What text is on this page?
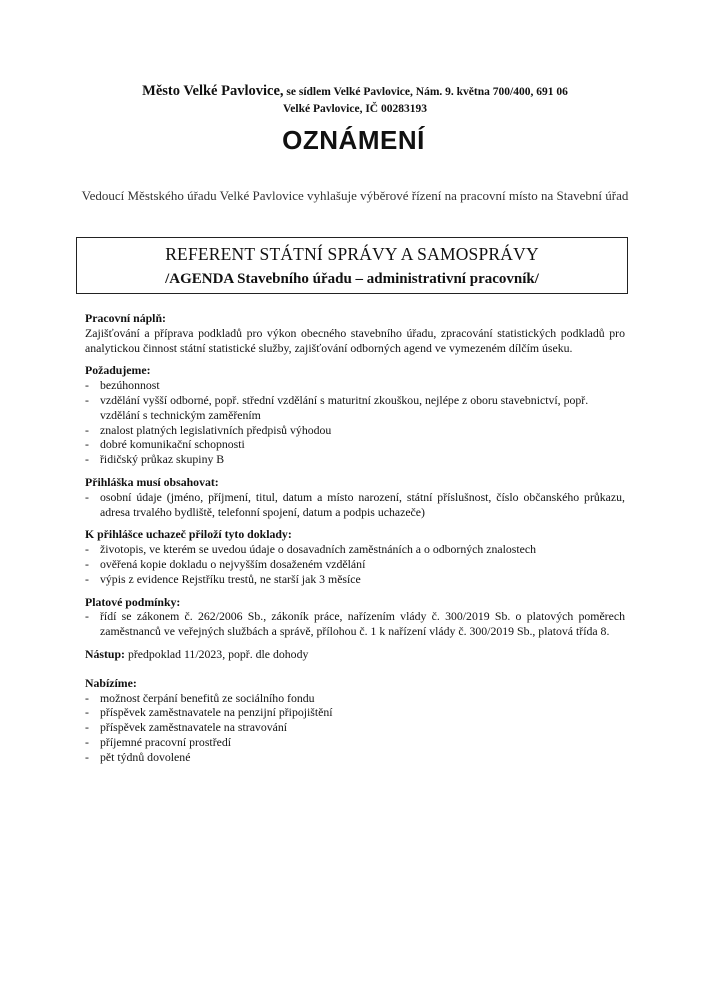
Město Velké Pavlovice, se sídlem Velké Pavlovice, Nám. 9. května 700/400, 691 06
Velké Pavlovice, IČ 00283193
OZNÁMENÍ
Vedoucí Městského úřadu Velké Pavlovice vyhlašuje výběrové řízení na pracovní místo na Stavební úřad
REFERENT STÁTNÍ SPRÁVY A SAMOSPRÁVY
/AGENDA Stavebního úřadu – administrativní pracovník/
Pracovní náplň:
Zajišťování a příprava podkladů pro výkon obecného stavebního úřadu, zpracování statistických podkladů pro analytickou činnost státní statistické služby, zajišťování odborných agend ve vymezeném dílčím úseku.
Požadujeme:
- bezúhonnost
- vzdělání vyšší odborné, popř. střední vzdělání s maturitní zkouškou, nejlépe z oboru stavebnictví, popř. vzdělání s technickým zaměřením
- znalost platných legislativních předpisů výhodou
- dobré komunikační schopnosti
- řidičský průkaz skupiny B
Přihláška musí obsahovat:
- osobní údaje (jméno, příjmení, titul, datum a místo narození, státní příslušnost, číslo občanského průkazu, adresa trvalého bydliště, telefonní spojení, datum a podpis uchazeče)
K přihlášce uchazeč přiloží tyto doklady:
- životopis, ve kterém se uvedou údaje o dosavadních zaměstnáních a o odborných znalostech
- ověřená kopie dokladu o nejvyšším dosaženém vzdělání
- výpis z evidence Rejstříku trestů, ne starší jak 3 měsíce
Platové podmínky:
- řídí se zákonem č. 262/2006 Sb., zákoník práce, nařízením vlády č. 300/2019 Sb. o platových poměrech zaměstnanců ve veřejných službách a správě, přílohou č. 1 k nařízení vlády č. 300/2019 Sb., platová třída 8.
Nástup: předpoklad 11/2023, popř. dle dohody
Nabízíme:
- možnost čerpání benefitů ze sociálního fondu
- příspěvek zaměstnavatele na penzijní připojištění
- příspěvek zaměstnavatele na stravování
- příjemné pracovní prostředí
- pět týdnů dovolené
